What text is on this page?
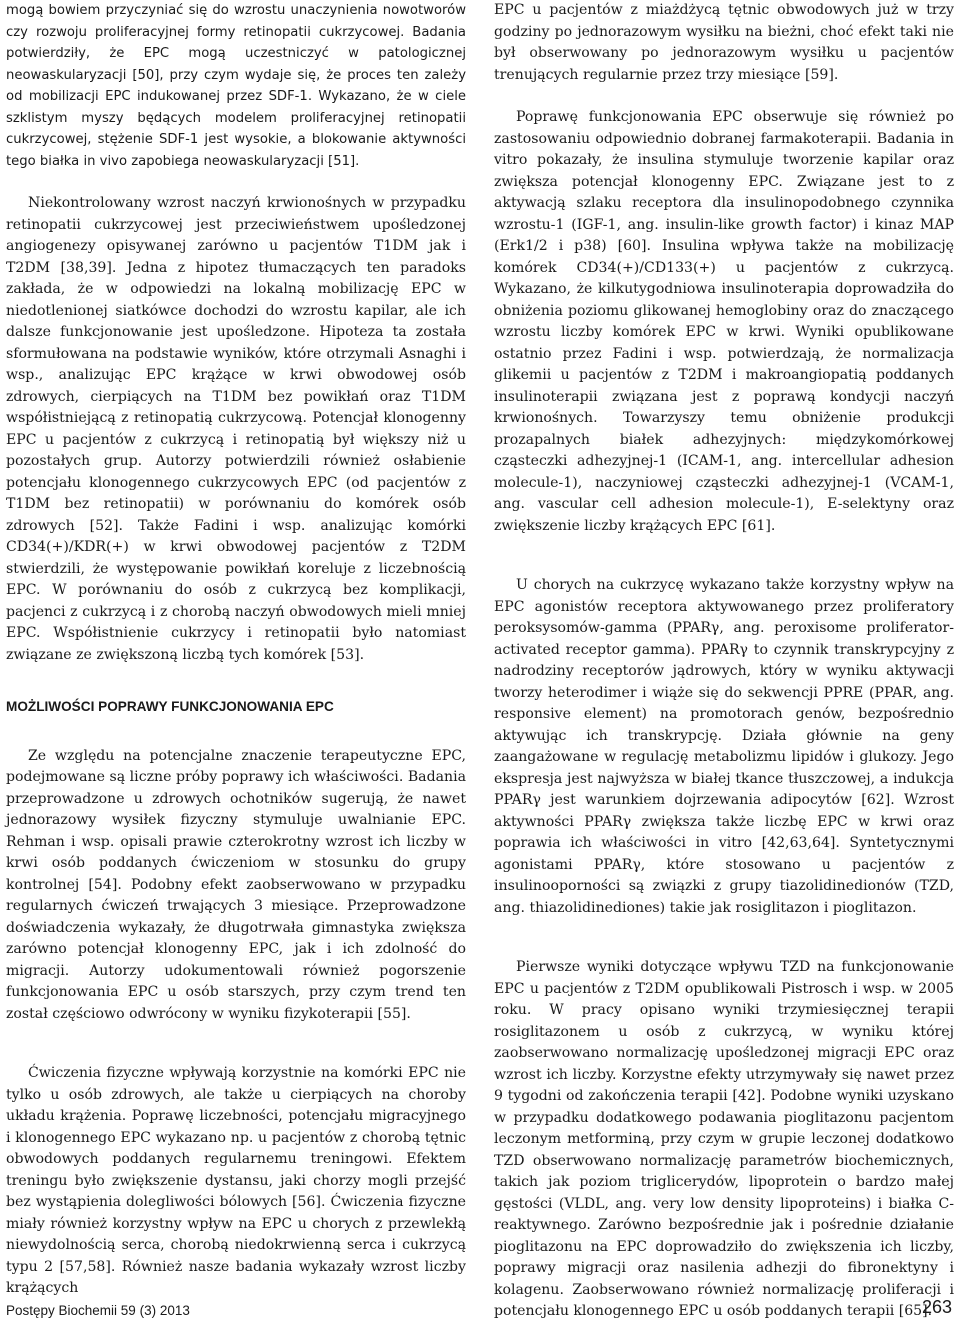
mogą bowiem przyczyniać się do wzrostu unaczynienia nowotworów czy rozwoju proliferacyjnej formy retinopatii cukrzycowej. Badania potwierdziły, że EPC mogą uczestniczyć w patologicznej neowaskularyzacji [50], przy czym wydaje się, że proces ten zależy od mobilizacji EPC indukowanej przez SDF-1. Wykazano, że w ciele szklistym myszy będących modelem proliferacyjnej retinopatii cukrzycowej, stężenie SDF-1 jest wysokie, a blokowanie aktywności tego białka in vivo zapobiega neowaskularyzacji [51].

Niekontrolowany wzrost naczyń krwionośnych w przypadku retinopatii cukrzycowej jest przeciwieństwem upośledzonej angiogenezy opisywanej zarówno u pacjentów T1DM jak i T2DM [38,39]. Jedna z hipotez tłumaczących ten paradoks zakłada, że w odpowiedzi na lokalną mobilizację EPC w niedotlenionej siatkówce dochodzi do wzrostu kapilar, ale ich dalsze funkcjonowanie jest upośledzone. Hipoteza ta została sformułowana na podstawie wyników, które otrzymali Asnaghi i wsp., analizując EPC krążące w krwi obwodowej osób zdrowych, cierpiących na T1DM bez powikłań oraz T1DM współistniejącą z retinopatią cukrzycową. Potencjał klonogenny EPC u pacjentów z cukrzycą i retinopatią był większy niż u pozostałych grup. Autorzy potwierdzili również osłabienie potencjału klonogennego cukrzycowych EPC (od pacjentów z T1DM bez retinopatii) w porównaniu do komórek osób zdrowych [52]. Także Fadini i wsp. analizując komórki CD34(+)/KDR(+) w krwi obwodowej pacjentów z T2DM stwierdzili, że występowanie powikłań koreluje z liczebnością EPC. W porównaniu do osób z cukrzycą bez komplikacji, pacjenci z cukrzycą i z chorobą naczyń obwodowych mieli mniej EPC. Współistnienie cukrzycy i retinopatii było natomiast związane ze zwiększoną liczbą tych komórek [53].

MOŻLIWOŚCI POPRAWY FUNKCJONOWANIA EPC

Ze względu na potencjalne znaczenie terapeutyczne EPC, podejmowane są liczne próby poprawy ich właściwości. Badania przeprowadzone u zdrowych ochotników sugerują, że nawet jednorazowy wysiłek fizyczny stymuluje uwalnianie EPC. Rehman i wsp. opisali prawie czterokrotny wzrost ich liczby w krwi osób poddanych ćwiczeniom w stosunku do grupy kontrolnej [54]. Podobny efekt zaobserwowano w przypadku regularnych ćwiczeń trwających 3 miesiące. Przeprowadzone doświadczenia wykazały, że długotrwała gimnastyka zwiększa zarówno potencjał klonogenny EPC, jak i ich zdolność do migracji. Autorzy udokumentowali również pogorszenie funkcjonowania EPC u osób starszych, przy czym trend ten został częściowo odwrócony w wyniku fizykoterapii [55].

Ćwiczenia fizyczne wpływają korzystnie na komórki EPC nie tylko u osób zdrowych, ale także u cierpiących na choroby układu krążenia. Poprawę liczebności, potencjału migracyjnego i klonogennego EPC wykazano np. u pacjentów z chorobą tętnic obwodowych poddanych regularnemu treningowi. Efektem treningu było zwiększenie dystansu, jaki chorzy mogli przejść bez wystąpienia dolegliwości bólowych [56]. Ćwiczenia fizyczne miały również korzystny wpływ na EPC u chorych z przewlekłą niewydolnością serca, chorobą niedokrwienną serca i cukrzycą typu 2 [57,58]. Również nasze badania wykazały wzrost liczby krążących

EPC u pacjentów z miażdżycą tętnic obwodowych już w trzy godziny po jednorazowym wysiłku na bieżni, choć efekt taki nie był obserwowany po jednorazowym wysiłku u pacjentów trenujących regularnie przez trzy miesiące [59].

Poprawę funkcjonowania EPC obserwuje się również po zastosowaniu odpowiednio dobranej farmakoterapii. Badania in vitro pokazały, że insulina stymuluje tworzenie kapilar oraz zwiększa potencjał klonogenny EPC. Związane jest to z aktywacją szlaku receptora dla insulinopodobnego czynnika wzrostu-1 (IGF-1, ang. insulin-like growth factor) i kinaz MAP (Erk1/2 i p38) [60]. Insulina wpływa także na mobilizację komórek CD34(+)/CD133(+) u pacjentów z cukrzycą. Wykazano, że kilkutygodniowa insulinoterapia doprowadziła do obniżenia poziomu glikowanej hemoglobiny oraz do znaczącego wzrostu liczby komórek EPC w krwi. Wyniki opublikowane ostatnio przez Fadini i wsp. potwierdzają, że normalizacja glikemii u pacjentów z T2DM i makroangiopatią poddanych insulinoterapii związana jest z poprawą kondycji naczyń krwionośnych. Towarzyszy temu obniżenie produkcji prozapalnych białek adhezyjnych: międzykomórkowej cząsteczki adhezyjnej-1 (ICAM-1, ang. intercellular adhesion molecule-1), naczyniowej cząsteczki adhezyjnej-1 (VCAM-1, ang. vascular cell adhesion molecule-1), E-selektyny oraz zwiększenie liczby krążących EPC [61].

U chorych na cukrzycę wykazano także korzystny wpływ na EPC agonistów receptora aktywowanego przez proliferatory peroksysomów-gamma (PPARγ, ang. peroxisome proliferator-activated receptor gamma). PPARγ to czynnik transkrypcyjny z nadrodziny receptorów jądrowych, który w wyniku aktywacji tworzy heterodimer i wiąże się do sekwencji PPRE (PPAR, ang. responsive element) na promotorach genów, bezpośrednio aktywując ich transkrypcję. Działa głównie na geny zaangażowane w regulację metabolizmu lipidów i glukozy. Jego ekspresja jest najwyższa w białej tkance tłuszczowej, a indukcja PPARγ jest warunkiem dojrzewania adipocytów [62]. Wzrost aktywności PPARγ zwiększa także liczbę EPC w krwi oraz poprawia ich właściwości in vitro [42,63,64]. Syntetycznymi agonistami PPARγ, które stosowano u pacjentów z insulinooporności są związki z grupy tiazolidinedionów (TZD, ang. thiazolidinediones) takie jak rosiglitazon i pioglitazon.

Pierwsze wyniki dotyczące wpływu TZD na funkcjonowanie EPC u pacjentów z T2DM opublikowali Pistrosch i wsp. w 2005 roku. W pracy opisano wyniki trzymiesięcznej terapii rosiglitazonem u osób z cukrzycą, w wyniku której zaobserwowano normalizację upośledzonej migracji EPC oraz wzrost ich liczby. Korzystne efekty utrzymywały się nawet przez 9 tygodni od zakończenia terapii [42]. Podobne wyniki uzyskano w przypadku dodatkowego podawania pioglitazonu pacjentom leczonym metforminą, przy czym w grupie leczonej dodatkowo TZD obserwowano normalizację parametrów biochemicznych, takich jak poziom triglicerydów, lipoprotein o bardzo małej gęstości (VLDL, ang. very low density lipoproteins) i białka C-reaktywnego. Zarówno bezpośrednie jak i pośrednie działanie pioglitazonu na EPC doprowadziło do zwiększenia ich liczby, poprawy migracji oraz nasilenia adhezji do fibronektyny i kolagenu. Zaobserwowano również normalizację proliferacji i potencjału klonogennego EPC u osób poddanych terapii [65].

Postępy Biochemii 59 (3) 2013	263
